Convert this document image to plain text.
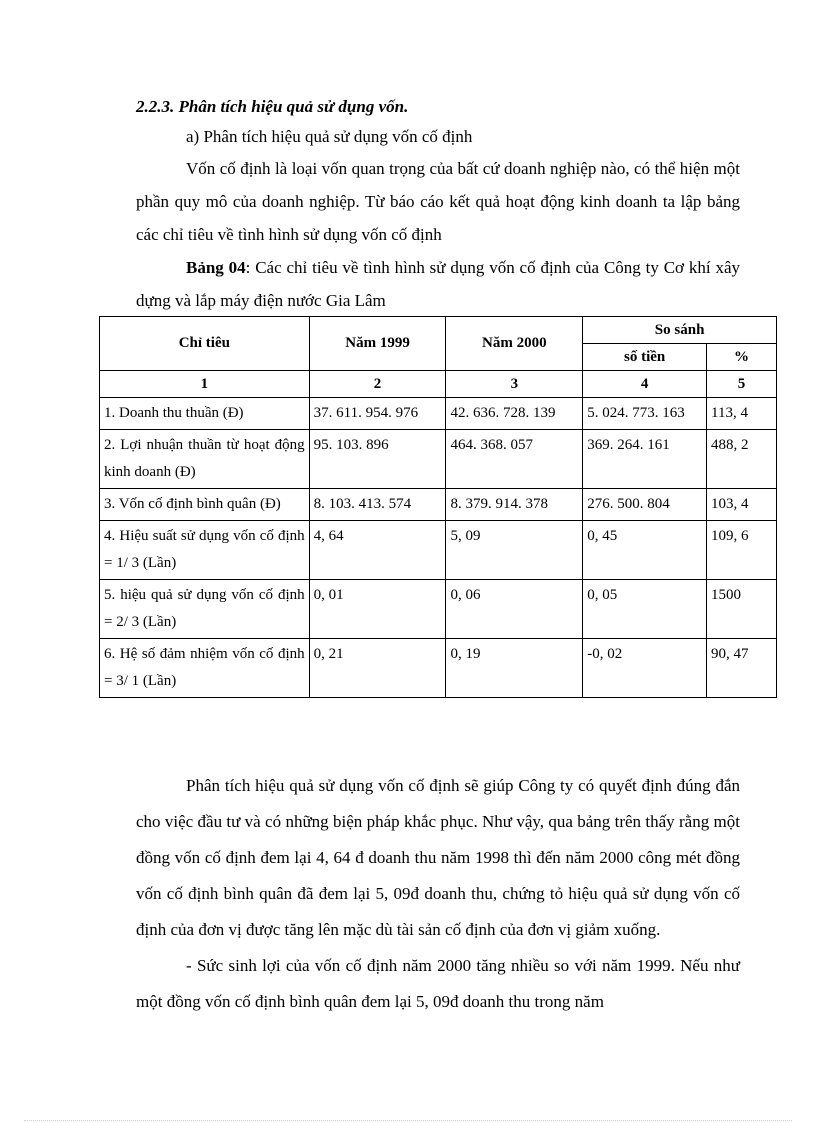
2.2.3. Phân tích hiệu quả sử dụng vốn.

a) Phân tích hiệu quả sử dụng vốn cố định

Vốn cố định là loại vốn quan trọng của bất cứ doanh nghiệp nào, có thể hiện một phần quy mô của doanh nghiệp. Từ báo cáo kết quả hoạt động kinh doanh ta lập bảng các chỉ tiêu về tình hình sử dụng vốn cố định

Bảng 04: Các chỉ tiêu về tình hình sử dụng vốn cố định của Công ty Cơ khí xây dựng và lắp máy điện nước Gia Lâm

Chỉ tiêu	Năm 1999	Năm 2000	So sánh	
			số tiền	%
1	2	3	4	5
1. Doanh thu thuần (Đ)	37. 611. 954. 976	42. 636. 728. 139	5. 024. 773. 163	113, 4
2. Lợi nhuận thuần từ hoạt động kinh doanh (Đ)	95. 103. 896	464. 368. 057	369. 264. 161	488, 2
3. Vốn cố định bình quân (Đ)	8. 103. 413. 574	8. 379. 914. 378	276. 500. 804	103, 4
4. Hiệu suất sử dụng vốn cố định = 1/ 3 (Lần)	4, 64	5, 09	0, 45	109, 6
5. hiệu quả sử dụng vốn cố định = 2/ 3 (Lần)	0, 01	0, 06	0, 05	1500
6. Hệ số đảm nhiệm vốn cố định = 3/ 1 (Lần)	0, 21	0, 19	-0, 02	90, 47

Phân tích hiệu quả sử dụng vốn cố định sẽ giúp Công ty có quyết định đúng đắn cho việc đầu tư và có những biện pháp khắc phục. Như vậy, qua bảng trên thấy rằng một đồng vốn cố định đem lại 4, 64 đ doanh thu năm 1998 thì đến năm 2000 công mét đồng vốn cố định bình quân đã đem lại 5, 09đ doanh thu, chứng tỏ hiệu quả sử dụng vốn cố định của đơn vị được tăng lên mặc dù tài sản cố định của đơn vị giảm xuống.

- Sức sinh lợi của vốn cố định năm 2000 tăng nhiều so với năm 1999. Nếu như một đồng vốn cố định bình quân đem lại 5, 09đ doanh thu trong năm
